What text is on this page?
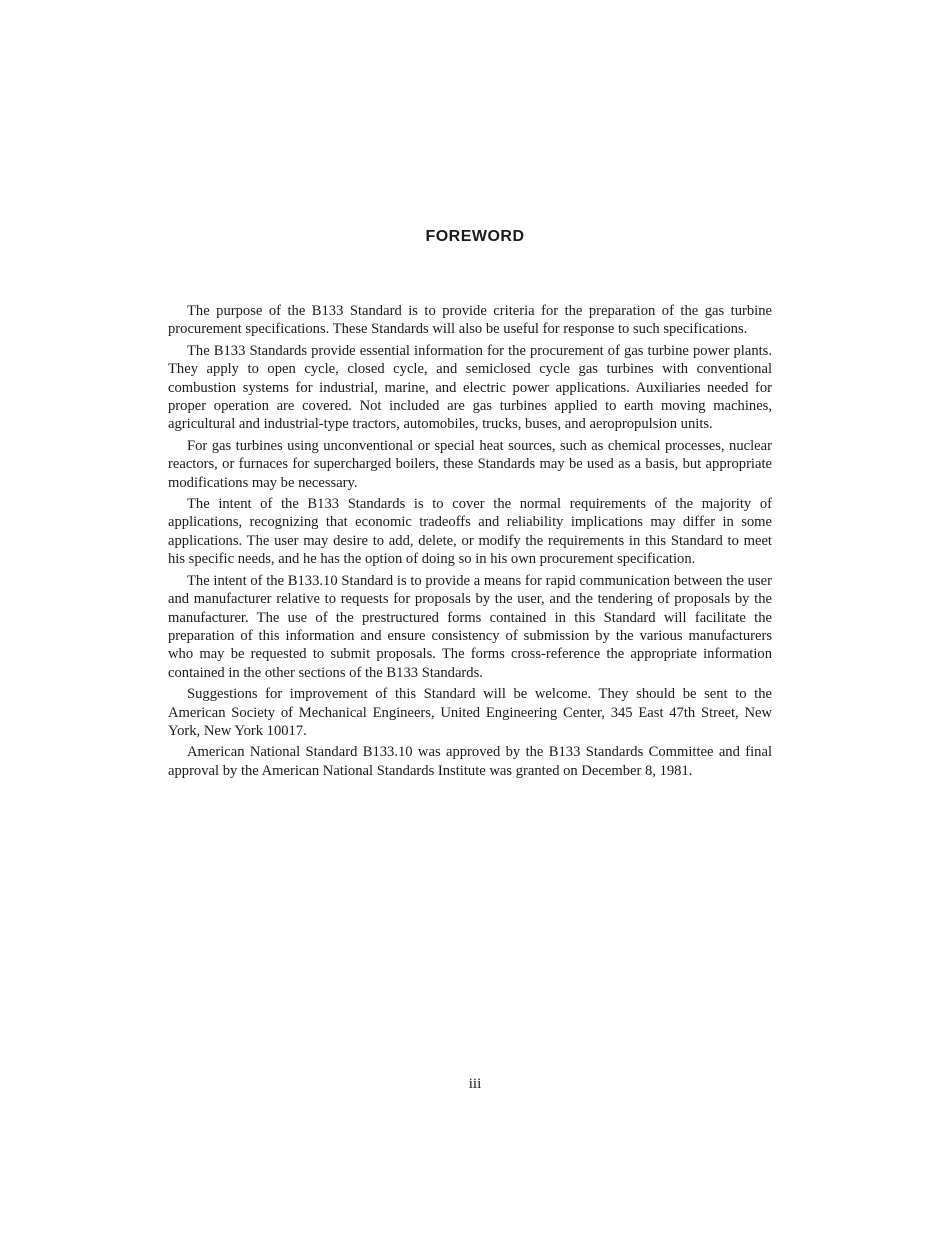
FOREWORD

The purpose of the B133 Standard is to provide criteria for the preparation of the gas turbine procurement specifications. These Standards will also be useful for response to such specifications.

The B133 Standards provide essential information for the procurement of gas turbine power plants. They apply to open cycle, closed cycle, and semiclosed cycle gas turbines with conventional combustion systems for industrial, marine, and electric power applications. Auxiliaries needed for proper operation are covered. Not included are gas turbines applied to earth moving machines, agricultural and industrial-type tractors, automobiles, trucks, buses, and aeropropulsion units.

For gas turbines using unconventional or special heat sources, such as chemical processes, nuclear reactors, or furnaces for supercharged boilers, these Standards may be used as a basis, but appropriate modifications may be necessary.

The intent of the B133 Standards is to cover the normal requirements of the majority of applications, recognizing that economic tradeoffs and reliability implications may differ in some applications. The user may desire to add, delete, or modify the requirements in this Standard to meet his specific needs, and he has the option of doing so in his own procurement specification.

The intent of the B133.10 Standard is to provide a means for rapid communication between the user and manufacturer relative to requests for proposals by the user, and the tendering of proposals by the manufacturer. The use of the prestructured forms contained in this Standard will facilitate the preparation of this information and ensure consistency of submission by the various manufacturers who may be requested to submit proposals. The forms cross-reference the appropriate information contained in the other sections of the B133 Standards.

Suggestions for improvement of this Standard will be welcome. They should be sent to the American Society of Mechanical Engineers, United Engineering Center, 345 East 47th Street, New York, New York 10017.

American National Standard B133.10 was approved by the B133 Standards Committee and final approval by the American National Standards Institute was granted on December 8, 1981.

iii
